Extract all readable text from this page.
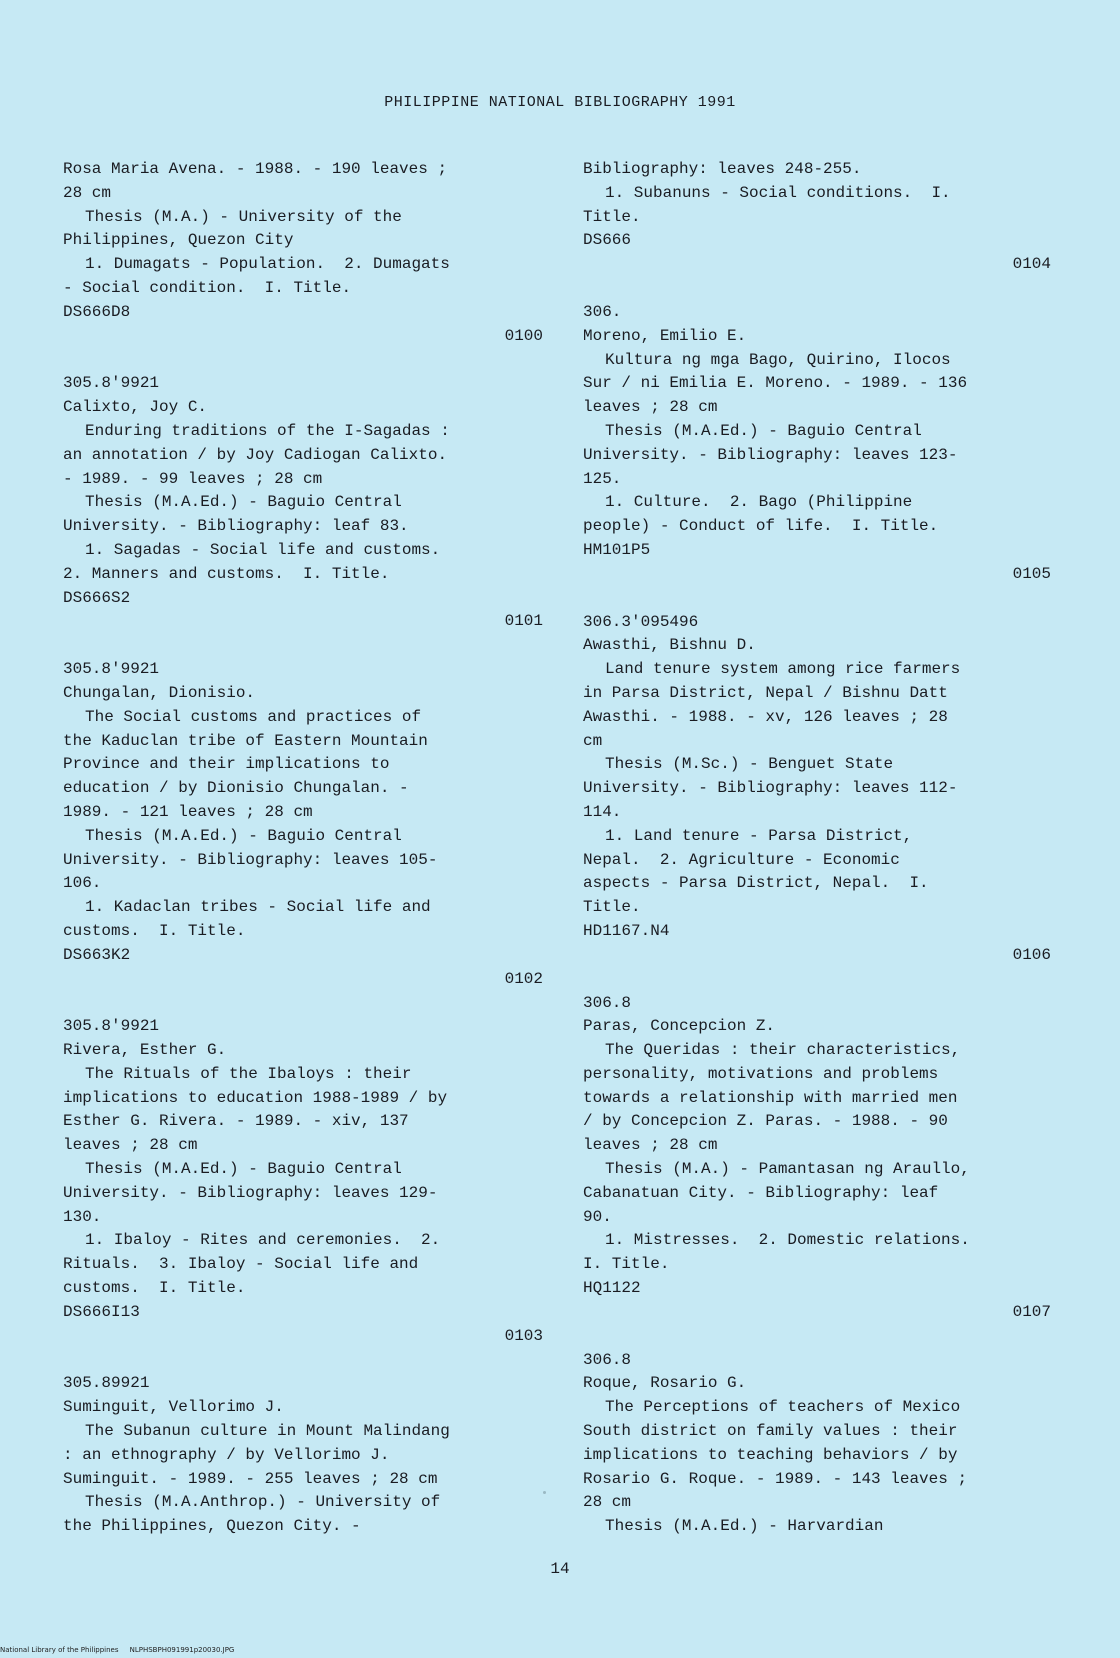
PHILIPPINE NATIONAL BIBLIOGRAPHY 1991
Rosa Maria Avena. - 1988. - 190 leaves ;
28 cm
Thesis (M.A.) - University of the
Philippines, Quezon City
1. Dumagats - Population.  2. Dumagats
- Social condition.  I. Title.
DS666D8
0100
305.8'9921
Calixto, Joy C.
Enduring traditions of the I-Sagadas :
an annotation / by Joy Cadiogan Calixto.
- 1989. - 99 leaves ; 28 cm
Thesis (M.A.Ed.) - Baguio Central
University. - Bibliography: leaf 83.
1. Sagadas - Social life and customs.
2. Manners and customs.  I. Title.
DS666S2
0101
305.8'9921
Chungalan, Dionisio.
The Social customs and practices of
the Kaduclan tribe of Eastern Mountain
Province and their implications to
education / by Dionisio Chungalan. -
1989. - 121 leaves ; 28 cm
Thesis (M.A.Ed.) - Baguio Central
University. - Bibliography: leaves 105-
106.
1. Kadaclan tribes - Social life and
customs.  I. Title.
DS663K2
0102
305.8'9921
Rivera, Esther G.
The Rituals of the Ibaloys : their
implications to education 1988-1989 / by
Esther G. Rivera. - 1989. - xiv, 137
leaves ; 28 cm
Thesis (M.A.Ed.) - Baguio Central
University. - Bibliography: leaves 129-
130.
1. Ibaloy - Rites and ceremonies.  2.
Rituals.  3. Ibaloy - Social life and
customs.  I. Title.
DS666I13
0103
305.89921
Suminguit, Vellorimo J.
The Subanun culture in Mount Malindang
: an ethnography / by Vellorimo J.
Suminguit. - 1989. - 255 leaves ; 28 cm
Thesis (M.A.Anthrop.) - University of
the Philippines, Quezon City. -
Bibliography: leaves 248-255.
1. Subanuns - Social conditions.  I.
Title.
DS666
0104
306.
Moreno, Emilio E.
Kultura ng mga Bago, Quirino, Ilocos
Sur / ni Emilia E. Moreno. - 1989. - 136
leaves ; 28 cm
Thesis (M.A.Ed.) - Baguio Central
University. - Bibliography: leaves 123-
125.
1. Culture.  2. Bago (Philippine
people) - Conduct of life.  I. Title.
HM101P5
0105
306.3'095496
Awasthi, Bishnu D.
Land tenure system among rice farmers
in Parsa District, Nepal / Bishnu Datt
Awasthi. - 1988. - xv, 126 leaves ; 28
cm
Thesis (M.Sc.) - Benguet State
University. - Bibliography: leaves 112-
114.
1. Land tenure - Parsa District,
Nepal.  2. Agriculture - Economic
aspects - Parsa District, Nepal.  I.
Title.
HD1167.N4
0106
306.8
Paras, Concepcion Z.
The Queridas : their characteristics,
personality, motivations and problems
towards a relationship with married men
/ by Concepcion Z. Paras. - 1988. - 90
leaves ; 28 cm
Thesis (M.A.) - Pamantasan ng Araullo,
Cabanatuan City. - Bibliography: leaf
90.
1. Mistresses.  2. Domestic relations.
I. Title.
HQ1122
0107
306.8
Roque, Rosario G.
The Perceptions of teachers of Mexico
South district on family values : their
implications to teaching behaviors / by
Rosario G. Roque. - 1989. - 143 leaves ;
28 cm
Thesis (M.A.Ed.) - Harvardian
14
National Library of the Philippines     NLPHSBPH091991p20030.JPG
